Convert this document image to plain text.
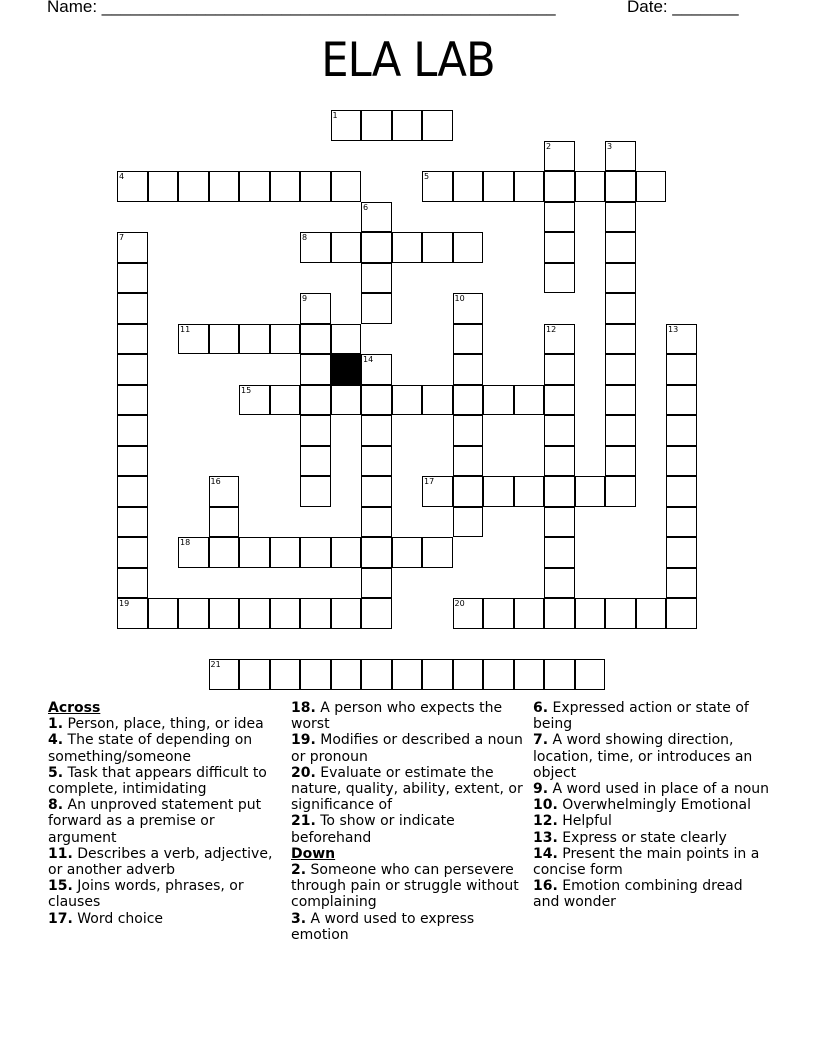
Name: ________________________________________________	Date: _______
ELA LAB
1
2	3
4	5
6
7	8
9	10
11	12	13
14
15
16	17
18
19	20
21
Across
1. Person, place, thing, or idea
4. The state of depending on something/someone
5. Task that appears difficult to complete, intimidating
8. An unproved statement put forward as a premise or argument
11. Describes a verb, adjective, or another adverb
15. Joins words, phrases, or clauses
17. Word choice
18. A person who expects the worst
19. Modifies or described a noun or pronoun
20. Evaluate or estimate the nature, quality, ability, extent, or significance of
21. To show or indicate beforehand
Down
2. Someone who can persevere through pain or struggle without complaining
3. A word used to express emotion
6. Expressed action or state of being
7. A word showing direction, location, time, or introduces an object
9. A word used in place of a noun
10. Overwhelmingly Emotional
12. Helpful
13. Express or state clearly
14. Present the main points in a concise form
16. Emotion combining dread and wonder
